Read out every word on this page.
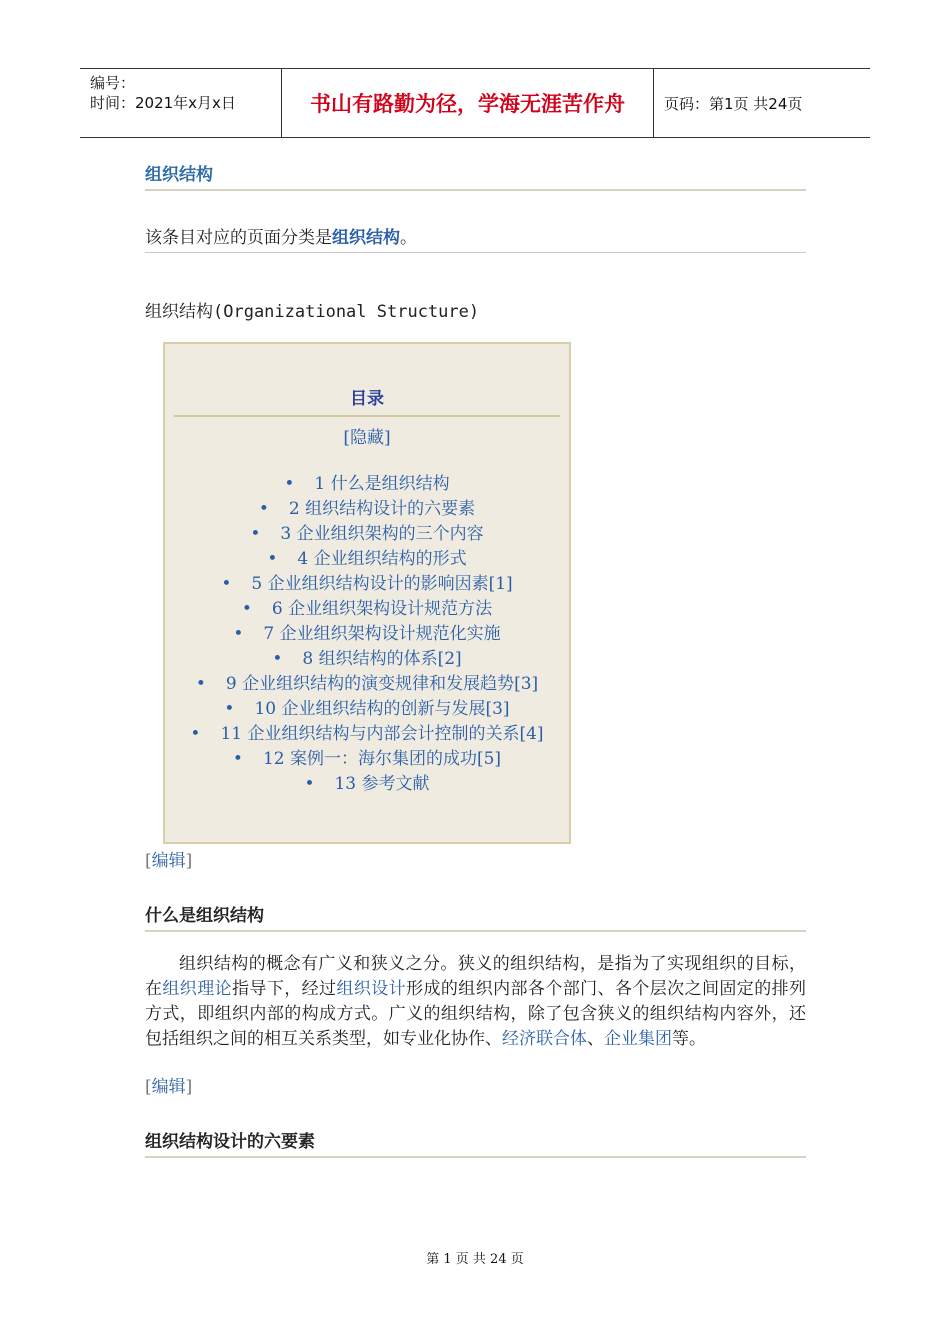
编号：
时间：2021年x月x日	书山有路勤为径，学海无涯苦作舟	页码：第1页 共24页
组织结构
该条目对应的页面分类是组织结构。
组织结构(Organizational Structure)
目录
[隐藏]
• 1 什么是组织结构
• 2 组织结构设计的六要素
• 3 企业组织架构的三个内容
• 4 企业组织结构的形式
• 5 企业组织结构设计的影响因素[1]
• 6 企业组织架构设计规范方法
• 7 企业组织架构设计规范化实施
• 8 组织结构的体系[2]
• 9 企业组织结构的演变规律和发展趋势[3]
• 10 企业组织结构的创新与发展[3]
• 11 企业组织结构与内部会计控制的关系[4]
• 12 案例一：海尔集团的成功[5]
• 13 参考文献
[编辑]
什么是组织结构
组织结构的概念有广义和狭义之分。狭义的组织结构，是指为了实现组织的目标，在组织理论指导下，经过组织设计形成的组织内部各个部门、各个层次之间固定的排列方式，即组织内部的构成方式。广义的组织结构，除了包含狭义的组织结构内容外，还包括组织之间的相互关系类型，如专业化协作、经济联合体、企业集团等。
[编辑]
组织结构设计的六要素
第 1 页 共 24 页
